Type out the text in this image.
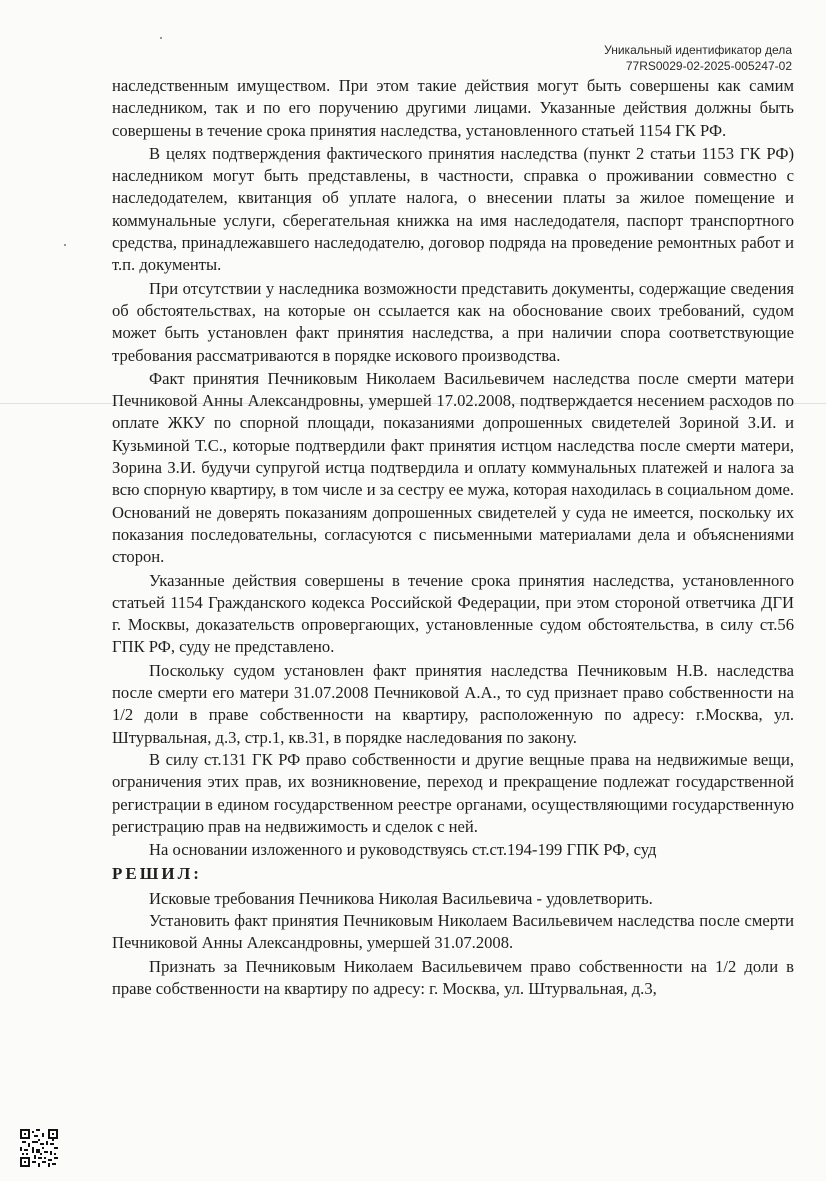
Уникальный идентификатор дела
77RS0029-02-2025-005247-02

наследственным имуществом. При этом такие действия могут быть совершены как самим наследником, так и по его поручению другими лицами. Указанные действия должны быть совершены в течение срока принятия наследства, установленного статьей 1154 ГК РФ.

В целях подтверждения фактического принятия наследства (пункт 2 статьи 1153 ГК РФ) наследником могут быть представлены, в частности, справка о проживании совместно с наследодателем, квитанция об уплате налога, о внесении платы за жилое помещение и коммунальные услуги, сберегательная книжка на имя наследодателя, паспорт транспортного средства, принадлежавшего наследодателю, договор подряда на проведение ремонтных работ и т.п. документы.

При отсутствии у наследника возможности представить документы, содержащие сведения об обстоятельствах, на которые он ссылается как на обоснование своих требований, судом может быть установлен факт принятия наследства, а при наличии спора соответствующие требования рассматриваются в порядке искового производства.

Факт принятия Печниковым Николаем Васильевичем наследства после смерти матери Печниковой Анны Александровны, умершей 17.02.2008, подтверждается несением расходов по оплате ЖКУ по спорной площади, показаниями допрошенных свидетелей Зориной З.И. и Кузьминой Т.С., которые подтвердили факт принятия истцом наследства после смерти матери, Зорина З.И. будучи супругой истца подтвердила и оплату коммунальных платежей и налога за всю спорную квартиру, в том числе и за сестру ее мужа, которая находилась в социальном доме. Оснований не доверять показаниям допрошенных свидетелей у суда не имеется, поскольку их показания последовательны, согласуются с письменными материалами дела и объяснениями сторон.

Указанные действия совершены в течение срока принятия наследства, установленного статьей 1154 Гражданского кодекса Российской Федерации, при этом стороной ответчика ДГИ г. Москвы, доказательств опровергающих, установленные судом обстоятельства, в силу ст.56 ГПК РФ, суду не представлено.

Поскольку судом установлен факт принятия наследства Печниковым Н.В. наследства после смерти его матери 31.07.2008 Печниковой А.А., то суд признает право собственности на 1/2 доли в праве собственности на квартиру, расположенную по адресу: г.Москва, ул. Штурвальная, д.3, стр.1, кв.31, в порядке наследования по закону.

В силу ст.131 ГК РФ право собственности и другие вещные права на недвижимые вещи, ограничения этих прав, их возникновение, переход и прекращение подлежат государственной регистрации в едином государственном реестре органами, осуществляющими государственную регистрацию прав на недвижимость и сделок с ней.

На основании изложенного и руководствуясь ст.ст.194-199 ГПК РФ, суд

РЕШИЛ:

Исковые требования Печникова Николая Васильевича - удовлетворить.

Установить факт принятия Печниковым Николаем Васильевичем наследства после смерти Печниковой Анны Александровны, умершей 31.07.2008.

Признать за Печниковым Николаем Васильевичем право собственности на 1/2 доли в праве собственности на квартиру по адресу: г. Москва, ул. Штурвальная, д.3,
